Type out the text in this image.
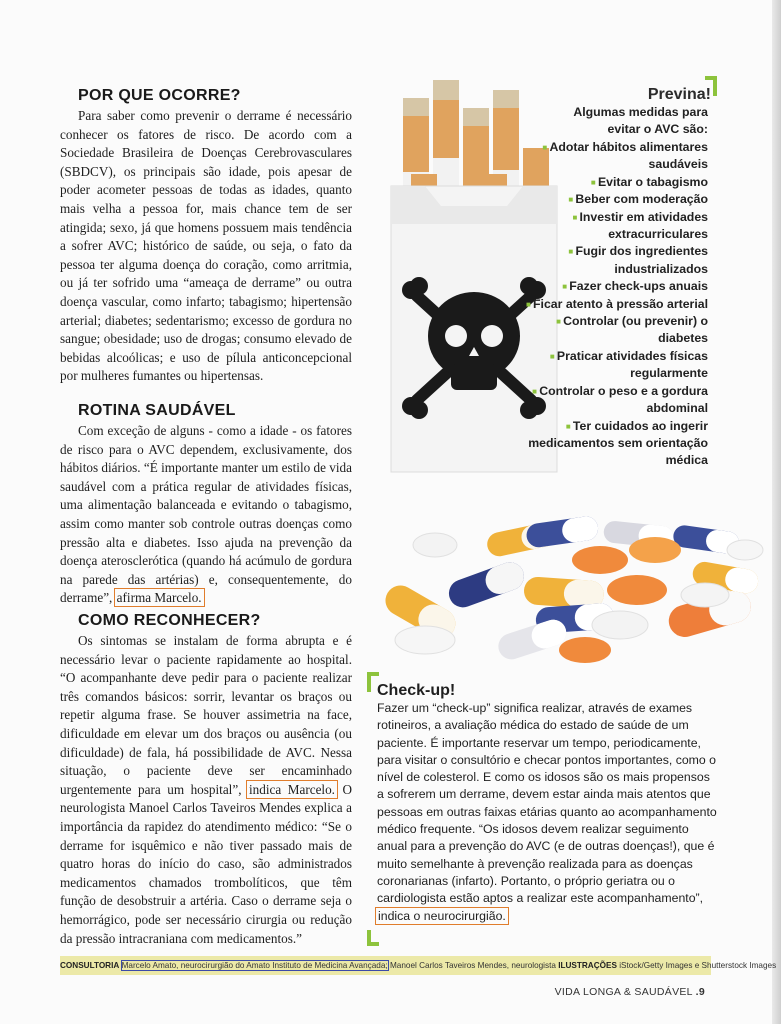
POR QUE OCORRE?

Para saber como prevenir o derrame é necessário conhecer os fatores de risco. De acordo com a Sociedade Brasileira de Doenças Cerebrovasculares (SBDCV), os principais são idade, pois apesar de poder acometer pessoas de todas as idades, quanto mais velha a pessoa for, mais chance tem de ser atingida; sexo, já que homens possuem mais tendência a sofrer AVC; histórico de saúde, ou seja, o fato da pessoa ter alguma doença do coração, como arritmia, ou já ter sofrido uma “ameaça de derrame” ou outra doença vascular, como infarto; tabagismo; hipertensão arterial; diabetes; sedentarismo; excesso de gordura no sangue; obesidade; uso de drogas; consumo elevado de bebidas alcoólicas; e uso de pílula anticoncepcional por mulheres fumantes ou hipertensas.

ROTINA SAUDÁVEL

Com exceção de alguns - como a idade - os fatores de risco para o AVC dependem, exclusivamente, dos hábitos diários. “É importante manter um estilo de vida saudável com a prática regular de atividades físicas, uma alimentação balanceada e evitando o tabagismo, assim como manter sob controle outras doenças como pressão alta e diabetes. Isso ajuda na prevenção da doença aterosclerótica (quando há acúmulo de gordura na parede das artérias) e, consequentemente, do derrame”, afirma Marcelo.

COMO RECONHECER?

Os sintomas se instalam de forma abrupta e é necessário levar o paciente rapidamente ao hospital. “O acompanhante deve pedir para o paciente realizar três comandos básicos: sorrir, levantar os braços ou repetir alguma frase. Se houver assimetria na face, dificuldade em elevar um dos braços ou ausência (ou dificuldade) de fala, há possibilidade de AVC. Nessa situação, o paciente deve ser encaminhado urgentemente para um hospital”, indica Marcelo. O neurologista Manoel Carlos Taveiros Mendes explica a importância da rapidez do atendimento médico: “Se o derrame for isquêmico e não tiver passado mais de quatro horas do início do caso, são administrados medicamentos chamados trombolíticos, que têm função de desobstruir a artéria. Caso o derrame seja o hemorrágico, pode ser necessário cirurgia ou redução da pressão intracraniana com medicamentos.”

Previna!
Algumas medidas para evitar o AVC são:
■ Adotar hábitos alimentares saudáveis
■ Evitar o tabagismo
■ Beber com moderação
■ Investir em atividades extracurriculares
■ Fugir dos ingredientes industrializados
■ Fazer check-ups anuais
■ Ficar atento à pressão arterial
■ Controlar (ou prevenir) o diabetes
■ Praticar atividades físicas regularmente
■ Controlar o peso e a gordura abdominal
■ Ter cuidados ao ingerir medicamentos sem orientação médica
Check-up!

Fazer um “check-up” significa realizar, através de exames rotineiros, a avaliação médica do estado de saúde de um paciente. É importante reservar um tempo, periodicamente, para visitar o consultório e checar pontos importantes, como o nível de colesterol. E como os idosos são os mais propensos a sofrerem um derrame, devem estar ainda mais atentos que pessoas em outras faixas etárias quanto ao acompanhamento médico frequente. “Os idosos devem realizar seguimento anual para a prevenção do AVC (e de outras doenças!), que é muito semelhante à prevenção realizada para as doenças coronarianas (infarto). Portanto, o próprio geriatra ou o cardiologista estão aptos a realizar este acompanhamento”, indica o neurocirurgião.

CONSULTORIA Marcelo Amato, neurocirurgião do Amato Instituto de Medicina Avançada; Manoel Carlos Taveiros Mendes, neurologista ILUSTRAÇÕES iStock/Getty Images e Shutterstock Images
VIDA LONGA & SAUDÁVEL .9
